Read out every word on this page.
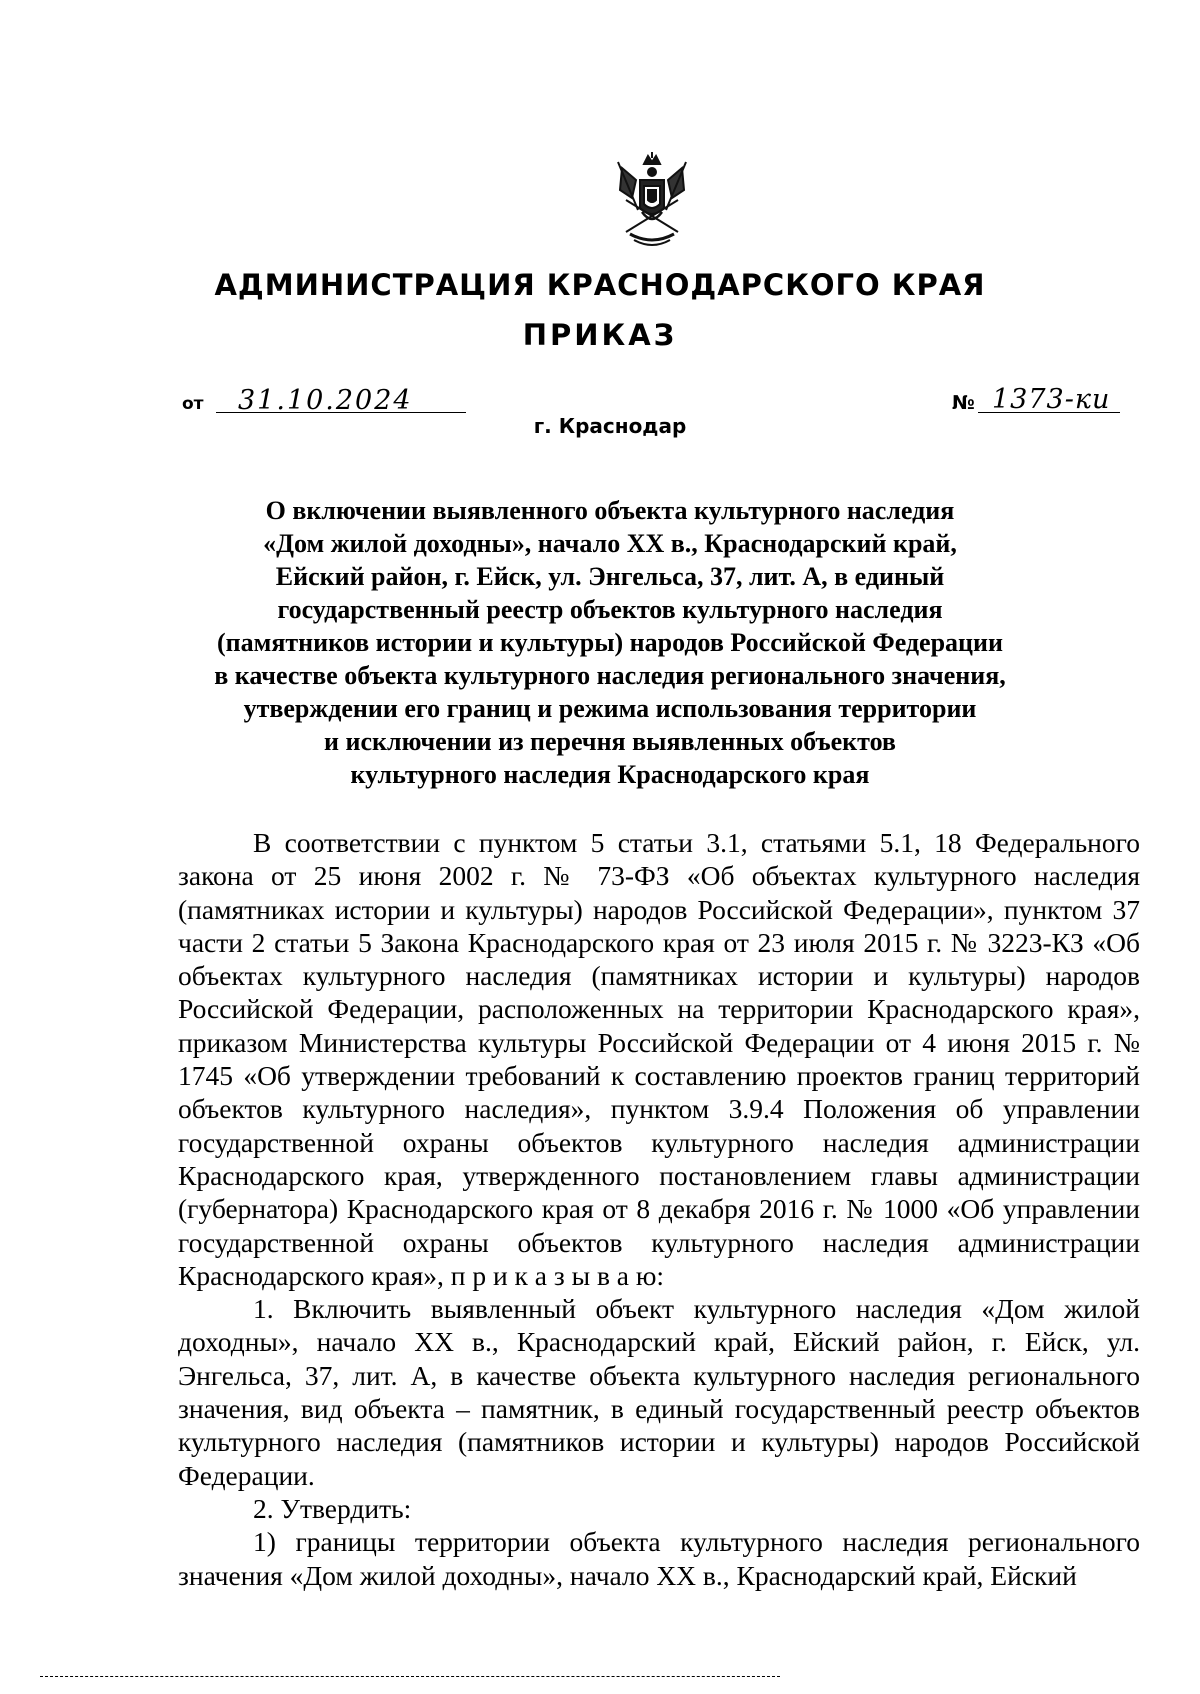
АДМИНИСТРАЦИЯ КРАСНОДАРСКОГО КРАЯ
ПРИКАЗ
от 31.10.2024	№ 1373-ки
г. Краснодар
О включении выявленного объекта культурного наследия
«Дом жилой доходны», начало XX в., Краснодарский край,
Ейский район, г. Ейск, ул. Энгельса, 37, лит. А, в единый
государственный реестр объектов культурного наследия
(памятников истории и культуры) народов Российской Федерации
в качестве объекта культурного наследия регионального значения,
утверждении его границ и режима использования территории
и исключении из перечня выявленных объектов
культурного наследия Краснодарского края

В соответствии с пунктом 5 статьи 3.1, статьями 5.1, 18 Федерального закона от 25 июня 2002 г. № 73-ФЗ «Об объектах культурного наследия (памятниках истории и культуры) народов Российской Федерации», пунктом 37 части 2 статьи 5 Закона Краснодарского края от 23 июля 2015 г. № 3223-КЗ «Об объектах культурного наследия (памятниках истории и культуры) народов Российской Федерации, расположенных на территории Краснодарского края», приказом Министерства культуры Российской Федерации от 4 июня 2015 г. № 1745 «Об утверждении требований к составлению проектов границ территорий объектов культурного наследия», пунктом 3.9.4 Положения об управлении государственной охраны объектов культурного наследия администрации Краснодарского края, утвержденного постановлением главы администрации (губернатора) Краснодарского края от 8 декабря 2016 г. № 1000 «Об управлении государственной охраны объектов культурного наследия администрации Краснодарского края», п р и к а з ы в а ю:

1. Включить выявленный объект культурного наследия «Дом жилой доходны», начало XX в., Краснодарский край, Ейский район, г. Ейск, ул. Энгельса, 37, лит. А, в качестве объекта культурного наследия регионального значения, вид объекта – памятник, в единый государственный реестр объектов культурного наследия (памятников истории и культуры) народов Российской Федерации.

2. Утвердить:

1) границы территории объекта культурного наследия регионального значения «Дом жилой доходны», начало XX в., Краснодарский край, Ейский
